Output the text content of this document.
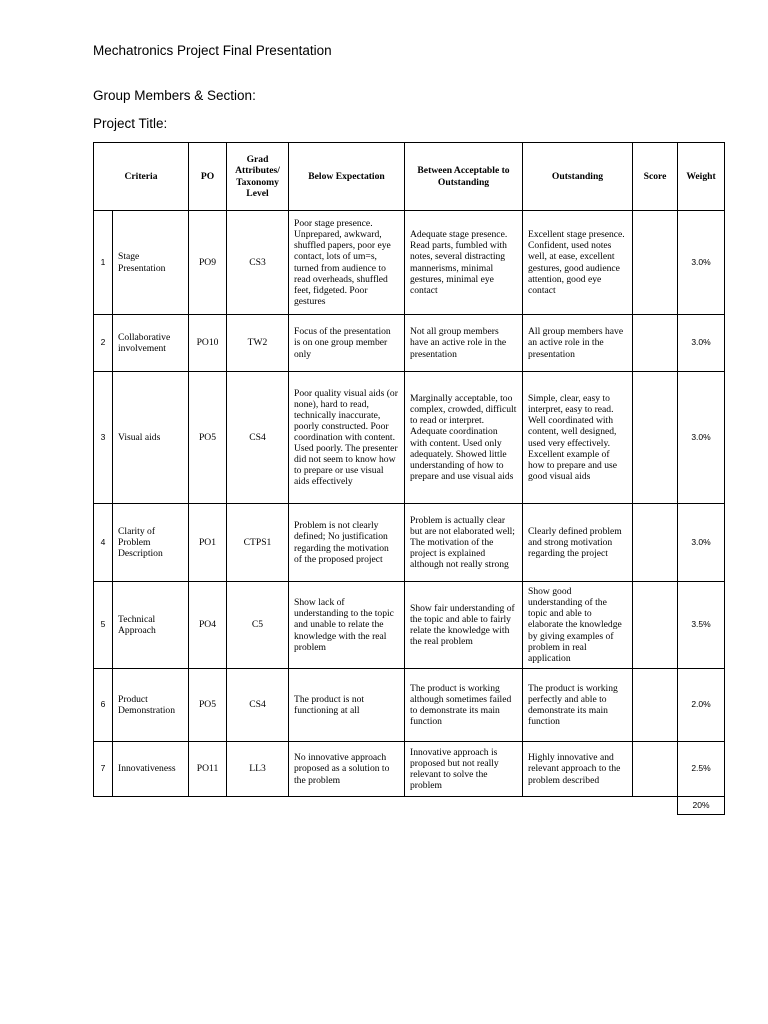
Mechatronics Project Final Presentation
Group Members & Section:
Project Title:
Criteria		PO	Grad Attributes/ Taxonomy Level	Below Expectation	Between Acceptable to Outstanding	Outstanding	Score	Weight
1	Stage Presentation	PO9	CS3	Poor stage presence. Unprepared, awkward, shuffled papers, poor eye contact, lots of um=s, turned from audience to read overheads, shuffled feet, fidgeted. Poor gestures	Adequate stage presence. Read parts, fumbled with notes, several distracting mannerisms, minimal gestures, minimal eye contact	Excellent stage presence. Confident, used notes well, at ease, excellent gestures, good audience attention, good eye contact		3.0%
2	Collaborative involvement	PO10	TW2	Focus of the presentation is on one group member only	Not all group members have an active role in the presentation	All group members have an active role in the presentation		3.0%
3	Visual aids	PO5	CS4	Poor quality visual aids (or none), hard to read, technically inaccurate, poorly constructed. Poor coordination with content. Used poorly. The presenter did not seem to know how to prepare or use visual aids effectively	Marginally acceptable, too complex, crowded, difficult to read or interpret. Adequate coordination with content. Used only adequately. Showed little understanding of how to prepare and use visual aids	Simple, clear, easy to interpret, easy to read. Well coordinated with content, well designed, used very effectively. Excellent example of how to prepare and use good visual aids		3.0%
4	Clarity of Problem Description	PO1	CTPS1	Problem is not clearly defined; No justification regarding the motivation of the proposed project	Problem is actually clear but are not elaborated well; The motivation of the project is explained although not really strong	Clearly defined problem and strong motivation regarding the project		3.0%
5	Technical Approach	PO4	C5	Show lack of understanding to the topic and unable to relate the knowledge with the real problem	Show fair understanding of the topic and able to fairly relate the knowledge with the real problem	Show good understanding of the topic and able to elaborate the knowledge by giving examples of problem in real application		3.5%
6	Product Demonstration	PO5	CS4	The product is not functioning at all	The product is working although sometimes failed to demonstrate its main function	The product is working perfectly and able to demonstrate its main function		2.0%
7	Innovativeness	PO11	LL3	No innovative approach proposed as a solution to the problem	Innovative approach is proposed but not really relevant to solve the problem	Highly innovative and relevant approach to the problem described		2.5%
								20%
